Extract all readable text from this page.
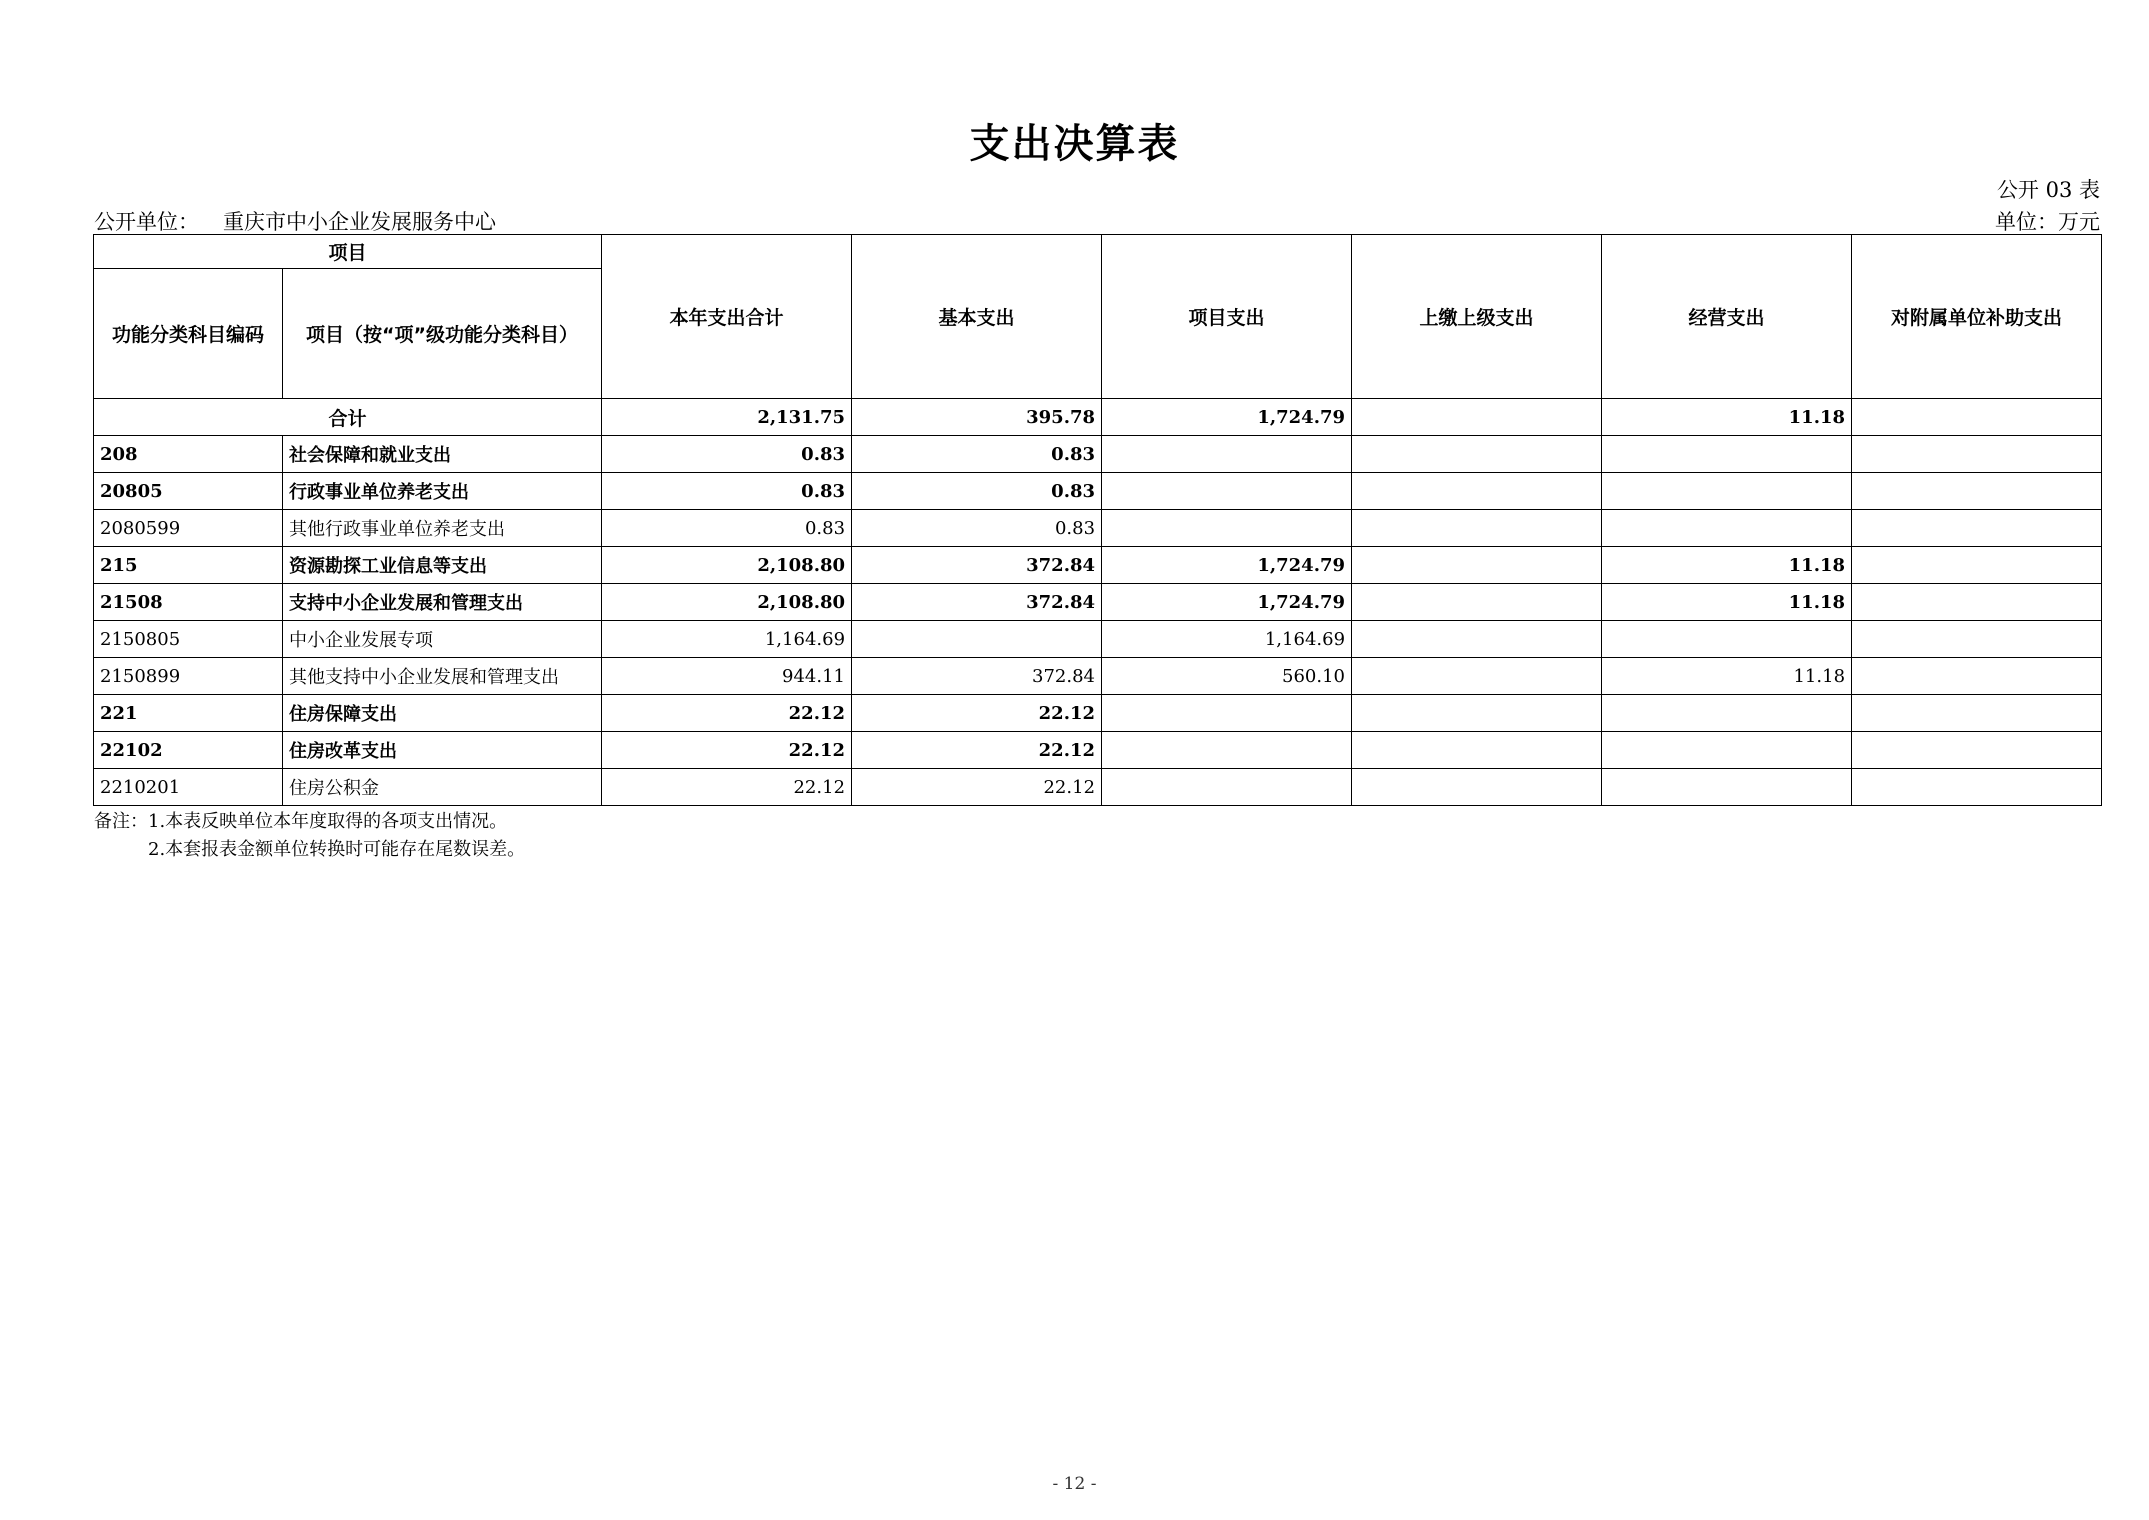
支出决算表
公开 03 表
公开单位： 重庆市中小企业发展服务中心	单位：万元
项目		本年支出合计	基本支出	项目支出	上缴上级支出	经营支出	对附属单位补助支出
功能分类科目编码	项目（按“项”级功能分类科目）						
合计		2,131.75	395.78	1,724.79		11.18	
208	社会保障和就业支出	0.83	0.83				
20805	行政事业单位养老支出	0.83	0.83				
2080599	其他行政事业单位养老支出	0.83	0.83				
215	资源勘探工业信息等支出	2,108.80	372.84	1,724.79		11.18	
21508	支持中小企业发展和管理支出	2,108.80	372.84	1,724.79		11.18	
2150805	中小企业发展专项	1,164.69		1,164.69			
2150899	其他支持中小企业发展和管理支出	944.11	372.84	560.10		11.18	
221	住房保障支出	22.12	22.12				
22102	住房改革支出	22.12	22.12				
2210201	住房公积金	22.12	22.12				
备注：1.本表反映单位本年度取得的各项支出情况。
2.本套报表金额单位转换时可能存在尾数误差。
- 12 -
